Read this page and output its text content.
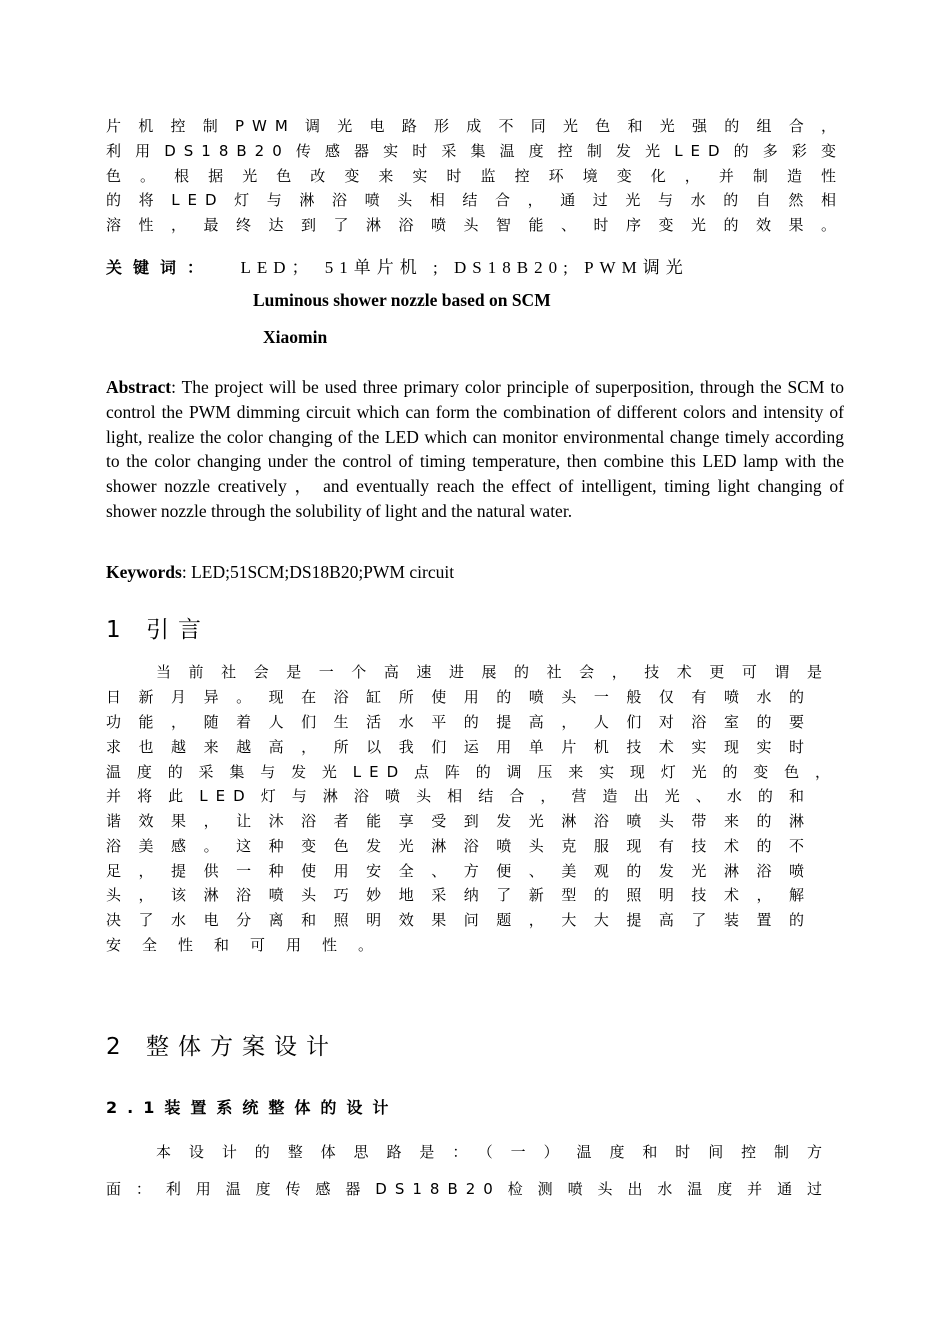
片机控制PWM调光电路形成不同光色和光强的组合，
利用DS18B20传感器实时采集温度控制发光LED的多彩变
色。根据光色改变来实时监控环境变化，并制造性
的将LED灯与淋浴喷头相结合，通过光与水的自然相
溶性，最终达到了淋浴喷头智能、时序变光的效果。
关键词： LED； 51单片机 ; DS18B20; PWM调光
Luminous shower nozzle based on SCM
Xiaomin
Abstract: The project will be used three primary color principle of superposition, through the SCM to control the PWM dimming circuit which can form the combination of different colors and intensity of light, realize the color changing of the LED which can monitor environmental change timely according to the color changing under the control of timing temperature, then combine this LED lamp with the shower nozzle creatively ， and eventually reach the effect of intelligent, timing light changing of shower nozzle through the solubility of light and the natural water.
Keywords: LED;51SCM;DS18B20;PWM circuit
1 引言
当前社会是一个高速进展的社会，技术更可谓是
日新月异。现在浴缸所使用的喷头一般仅有喷水的
功能，随着人们生活水平的提高，人们对浴室的要
求也越来越高，所以我们运用单片机技术实现实时
温度的采集与发光LED点阵的调压来实现灯光的变色，
并将此LED灯与淋浴喷头相结合，营造出光、水的和
谐效果，让沐浴者能享受到发光淋浴喷头带来的淋
浴美感。这种变色发光淋浴喷头克服现有技术的不
足，提供一种使用安全、方便、美观的发光淋浴喷
头，该淋浴喷头巧妙地采纳了新型的照明技术，解
决了水电分离和照明效果问题，大大提高了装置的
安全性和可用性。
2 整体方案设计
2.1装置系统整体的设计
本设计的整体思路是：（一）温度和时间控制方
面：利用温度传感器DS18B20检测喷头出水温度并通过
